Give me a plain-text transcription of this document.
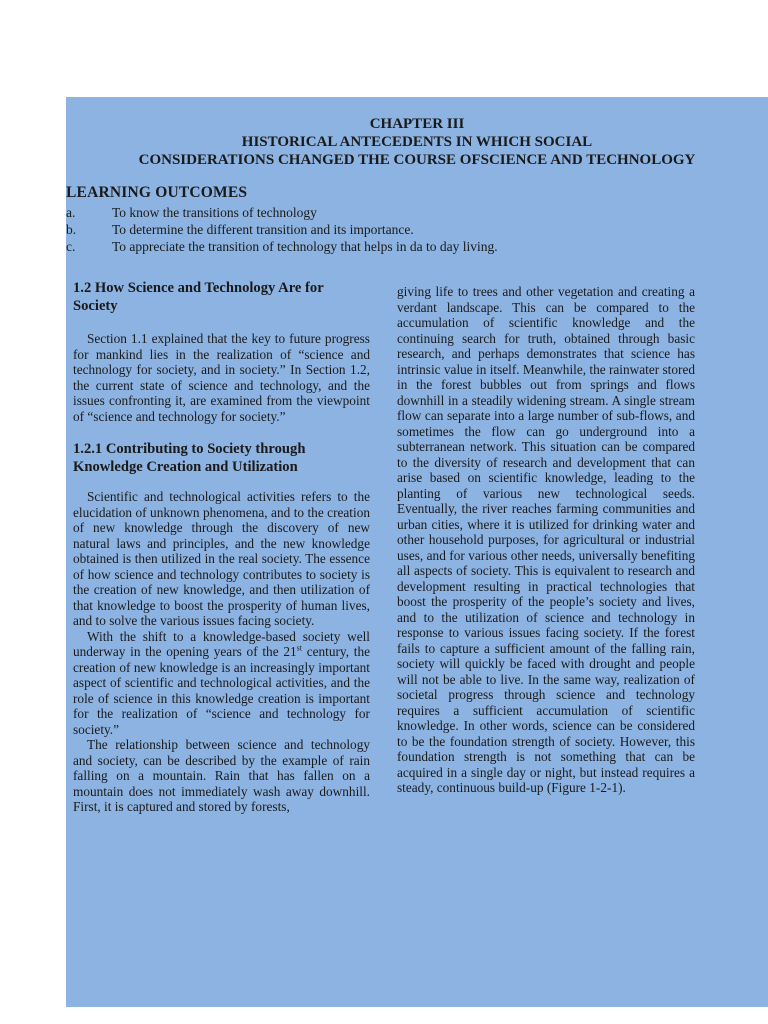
CHAPTER III
HISTORICAL ANTECEDENTS IN WHICH SOCIAL
CONSIDERATIONS CHANGED THE COURSE OFSCIENCE AND TECHNOLOGY
LEARNING OUTCOMES
a.	To know the transitions of technology
b.	To determine the different transition and its importance.
c.	To appreciate the transition of technology that helps in da to day living.
1.2 How Science and Technology Are for Society

Section 1.1 explained that the key to future progress for mankind lies in the realization of “science and technology for society, and in society.” In Section 1.2, the current state of science and technology, and the issues confronting it, are examined from the viewpoint of “science and technology for society.”

1.2.1 Contributing to Society through Knowledge Creation and Utilization

Scientific and technological activities refers to the elucidation of unknown phenomena, and to the creation of new knowledge through the discovery of new natural laws and principles, and the new knowledge obtained is then utilized in the real society. The essence of how science and technology contributes to society is the creation of new knowledge, and then utilization of that knowledge to boost the prosperity of human lives, and to solve the various issues facing society.

With the shift to a knowledge-based society well underway in the opening years of the 21st century, the creation of new knowledge is an increasingly important aspect of scientific and technological activities, and the role of science in this knowledge creation is important for the realization of “science and technology for society.”

The relationship between science and technology and society, can be described by the example of rain falling on a mountain. Rain that has fallen on a mountain does not immediately wash away downhill. First, it is captured and stored by forests,

giving life to trees and other vegetation and creating a verdant landscape. This can be compared to the accumulation of scientific knowledge and the continuing search for truth, obtained through basic research, and perhaps demonstrates that science has intrinsic value in itself. Meanwhile, the rainwater stored in the forest bubbles out from springs and flows downhill in a steadily widening stream. A single stream flow can separate into a large number of sub-flows, and sometimes the flow can go underground into a subterranean network. This situation can be compared to the diversity of research and development that can arise based on scientific knowledge, leading to the planting of various new technological seeds. Eventually, the river reaches farming communities and urban cities, where it is utilized for drinking water and other household purposes, for agricultural or industrial uses, and for various other needs, universally benefiting all aspects of society. This is equivalent to research and development resulting in practical technologies that boost the prosperity of the people’s society and lives, and to the utilization of science and technology in response to various issues facing society. If the forest fails to capture a sufficient amount of the falling rain, society will quickly be faced with drought and people will not be able to live. In the same way, realization of societal progress through science and technology requires a sufficient accumulation of scientific knowledge. In other words, science can be considered to be the foundation strength of society. However, this foundation strength is not something that can be acquired in a single day or night, but instead requires a steady, continuous build-up (Figure 1-2-1).
